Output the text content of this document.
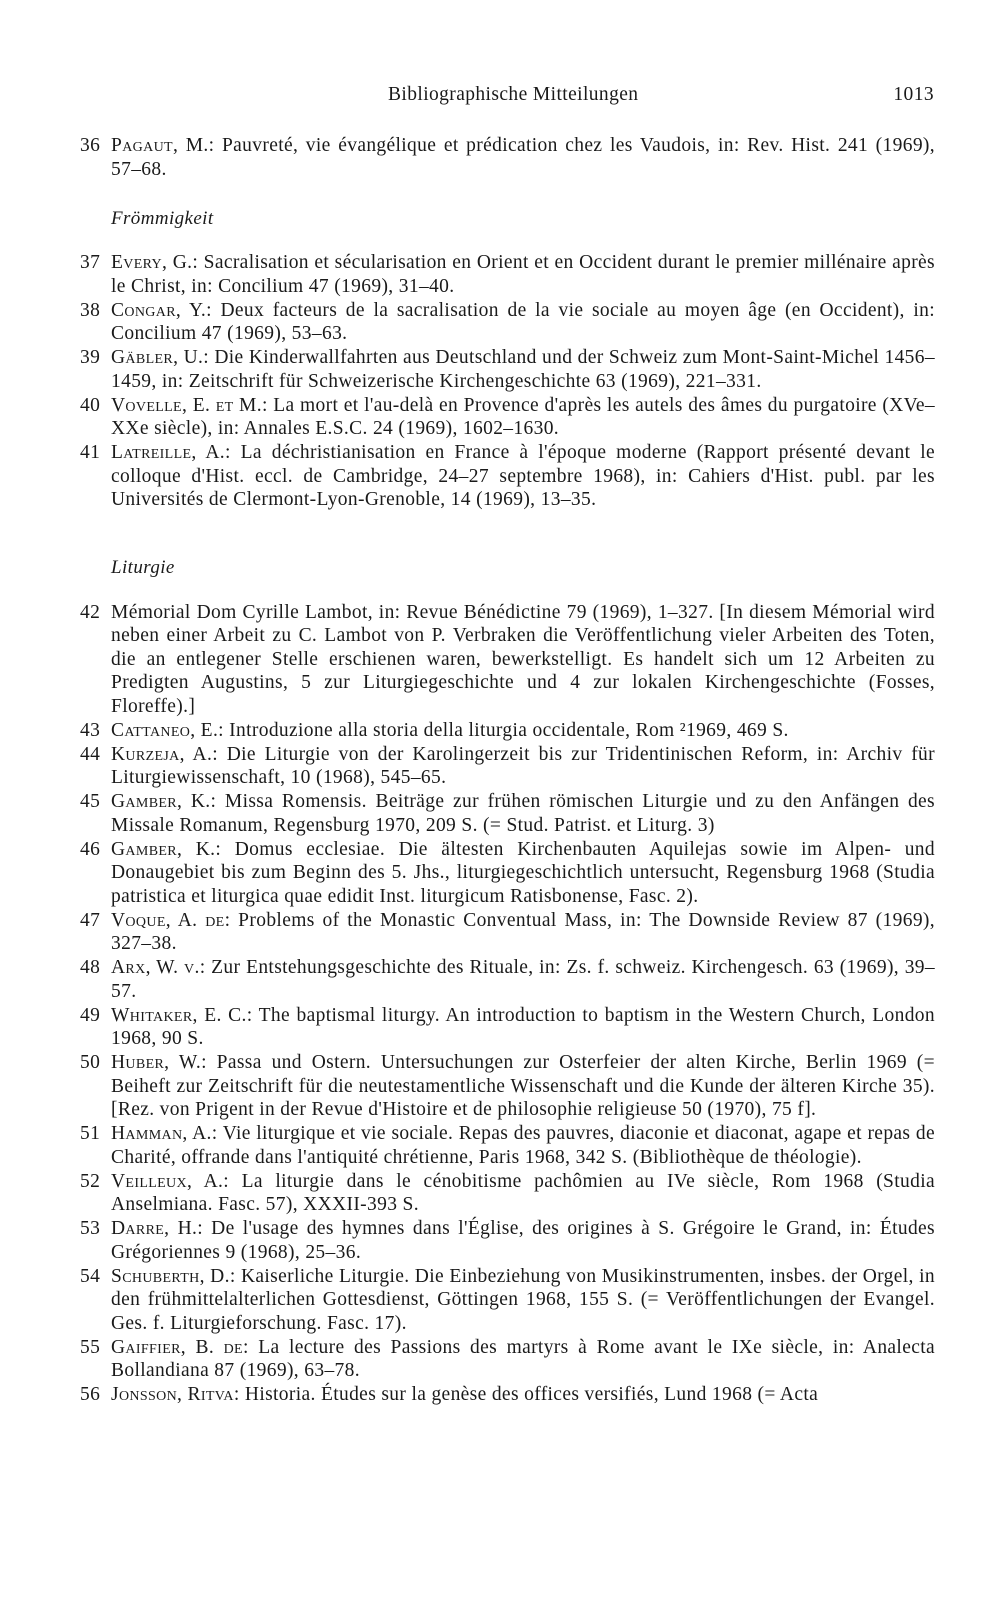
Bibliographische Mitteilungen	1013
36 Pagaut, M.: Pauvreté, vie évangélique et prédication chez les Vaudois, in: Rev. Hist. 241 (1969), 57–68.
Frömmigkeit
37 Every, G.: Sacralisation et sécularisation en Orient et en Occident durant le premier millénaire après le Christ, in: Concilium 47 (1969), 31–40.
38 Congar, Y.: Deux facteurs de la sacralisation de la vie sociale au moyen âge (en Occident), in: Concilium 47 (1969), 53–63.
39 Gäbler, U.: Die Kinderwallfahrten aus Deutschland und der Schweiz zum Mont-Saint-Michel 1456–1459, in: Zeitschrift für Schweizerische Kirchengeschichte 63 (1969), 221–331.
40 Vovelle, E. et M.: La mort et l'au-delà en Provence d'après les autels des âmes du purgatoire (XVe–XXe siècle), in: Annales E.S.C. 24 (1969), 1602–1630.
41 Latreille, A.: La déchristianisation en France à l'époque moderne (Rapport présenté devant le colloque d'Hist. eccl. de Cambridge, 24–27 septembre 1968), in: Cahiers d'Hist. publ. par les Universités de Clermont-Lyon-Grenoble, 14 (1969), 13–35.
Liturgie
42 Mémorial Dom Cyrille Lambot, in: Revue Bénédictine 79 (1969), 1–327. [In diesem Mémorial wird neben einer Arbeit zu C. Lambot von P. Verbraken die Veröffentlichung vieler Arbeiten des Toten, die an entlegener Stelle erschienen waren, bewerkstelligt. Es handelt sich um 12 Arbeiten zu Predigten Augustins, 5 zur Liturgiegeschichte und 4 zur lokalen Kirchengeschichte (Fosses, Floreffe).]
43 Cattaneo, E.: Introduzione alla storia della liturgia occidentale, Rom ²1969, 469 S.
44 Kurzeja, A.: Die Liturgie von der Karolingerzeit bis zur Tridentinischen Reform, in: Archiv für Liturgiewissenschaft, 10 (1968), 545–65.
45 Gamber, K.: Missa Romensis. Beiträge zur frühen römischen Liturgie und zu den Anfängen des Missale Romanum, Regensburg 1970, 209 S. (= Stud. Patrist. et Liturg. 3)
46 Gamber, K.: Domus ecclesiae. Die ältesten Kirchenbauten Aquilejas sowie im Alpen- und Donaugebiet bis zum Beginn des 5. Jhs., liturgiegeschichtlich untersucht, Regensburg 1968 (Studia patristica et liturgica quae edidit Inst. liturgicum Ratisbonense, Fasc. 2).
47 Voque, A. de: Problems of the Monastic Conventual Mass, in: The Downside Review 87 (1969), 327–38.
48 Arx, W. v.: Zur Entstehungsgeschichte des Rituale, in: Zs. f. schweiz. Kirchengesch. 63 (1969), 39–57.
49 Whitaker, E. C.: The baptismal liturgy. An introduction to baptism in the Western Church, London 1968, 90 S.
50 Huber, W.: Passa und Ostern. Untersuchungen zur Osterfeier der alten Kirche, Berlin 1969 (= Beiheft zur Zeitschrift für die neutestamentliche Wissenschaft und die Kunde der älteren Kirche 35). [Rez. von Prigent in der Revue d'Histoire et de philosophie religieuse 50 (1970), 75 f].
51 Hamman, A.: Vie liturgique et vie sociale. Repas des pauvres, diaconie et diaconat, agape et repas de Charité, offrande dans l'antiquité chrétienne, Paris 1968, 342 S. (Bibliothèque de théologie).
52 Veilleux, A.: La liturgie dans le cénobitisme pachômien au IVe siècle, Rom 1968 (Studia Anselmiana. Fasc. 57), XXXII-393 S.
53 Darre, H.: De l'usage des hymnes dans l'Église, des origines à S. Grégoire le Grand, in: Études Grégoriennes 9 (1968), 25–36.
54 Schuberth, D.: Kaiserliche Liturgie. Die Einbeziehung von Musikinstrumenten, insbes. der Orgel, in den frühmittelalterlichen Gottesdienst, Göttingen 1968, 155 S. (= Veröffentlichungen der Evangel. Ges. f. Liturgieforschung. Fasc. 17).
55 Gaiffier, B. de: La lecture des Passions des martyrs à Rome avant le IXe siècle, in: Analecta Bollandiana 87 (1969), 63–78.
56 Jonsson, Ritva: Historia. Études sur la genèse des offices versifiés, Lund 1968 (= Acta
